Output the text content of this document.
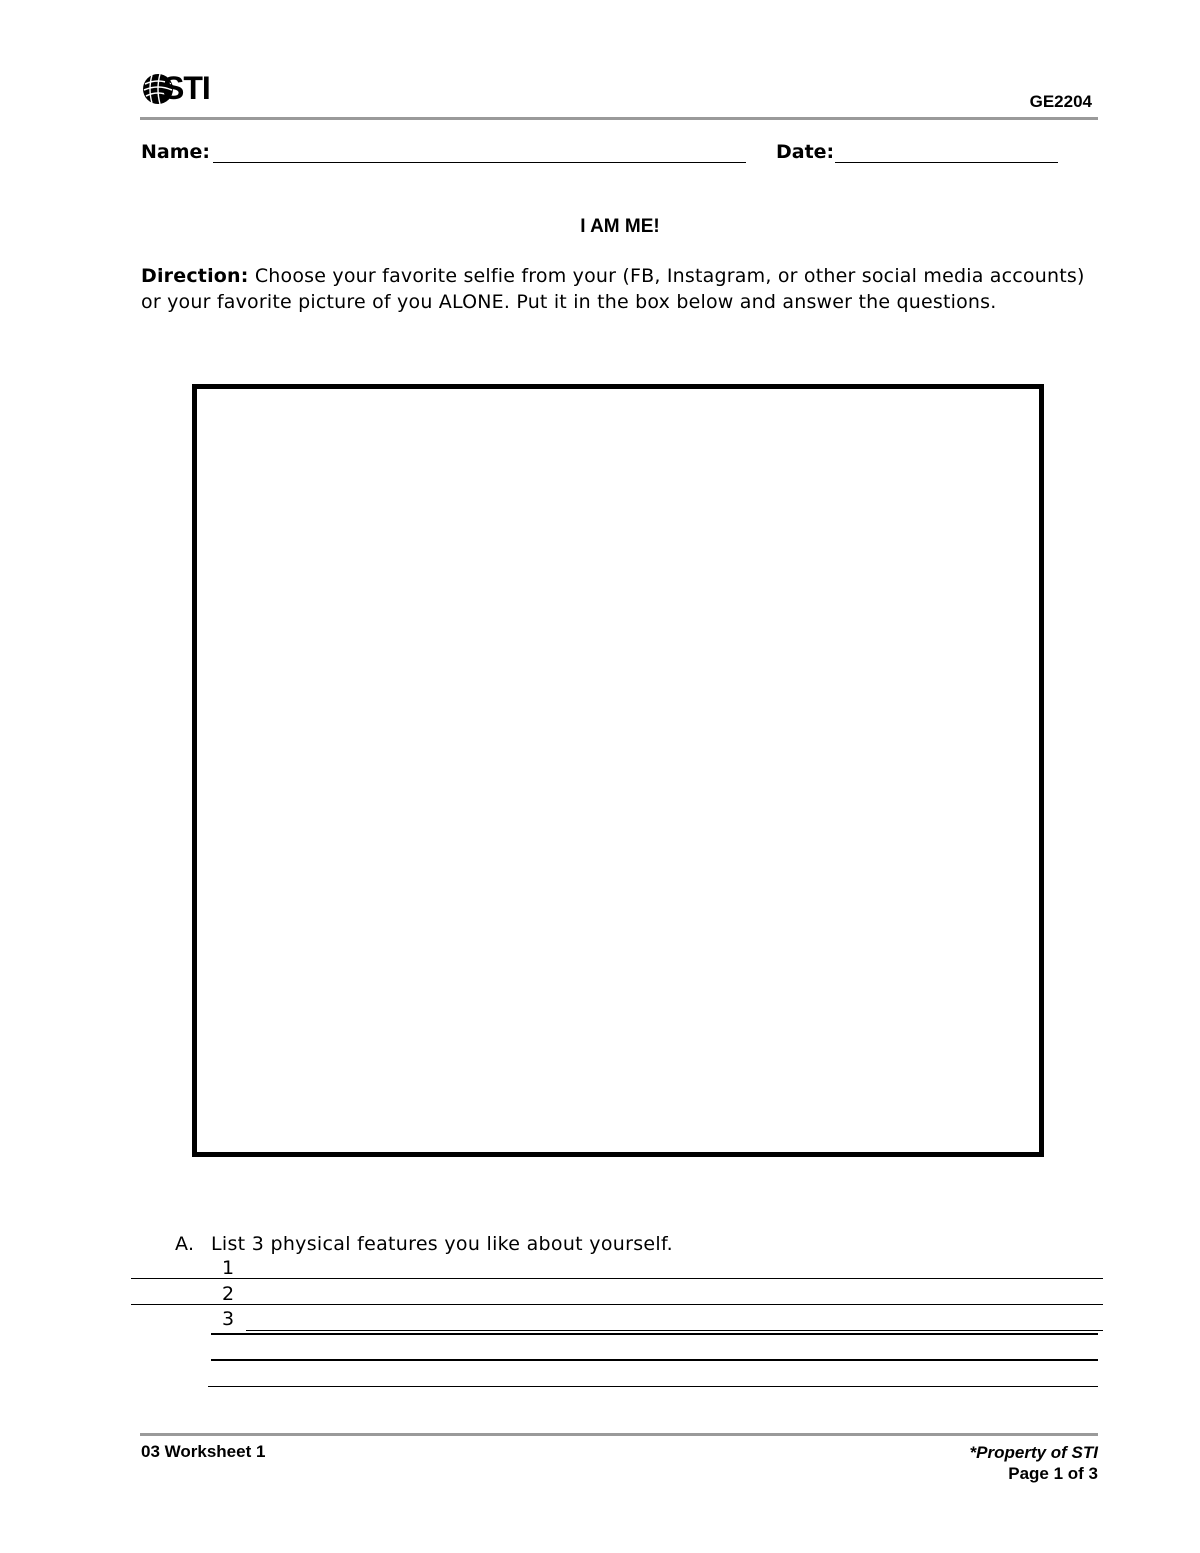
STI	GE2204
Name:	Date:
I AM ME!
Direction: Choose your favorite selfie from your (FB, Instagram, or other social media accounts) or your favorite picture of you ALONE. Put it in the box below and answer the questions.
A. List 3 physical features you like about yourself.
1
2
3
03 Worksheet 1	*Property of STI
Page 1 of 3
